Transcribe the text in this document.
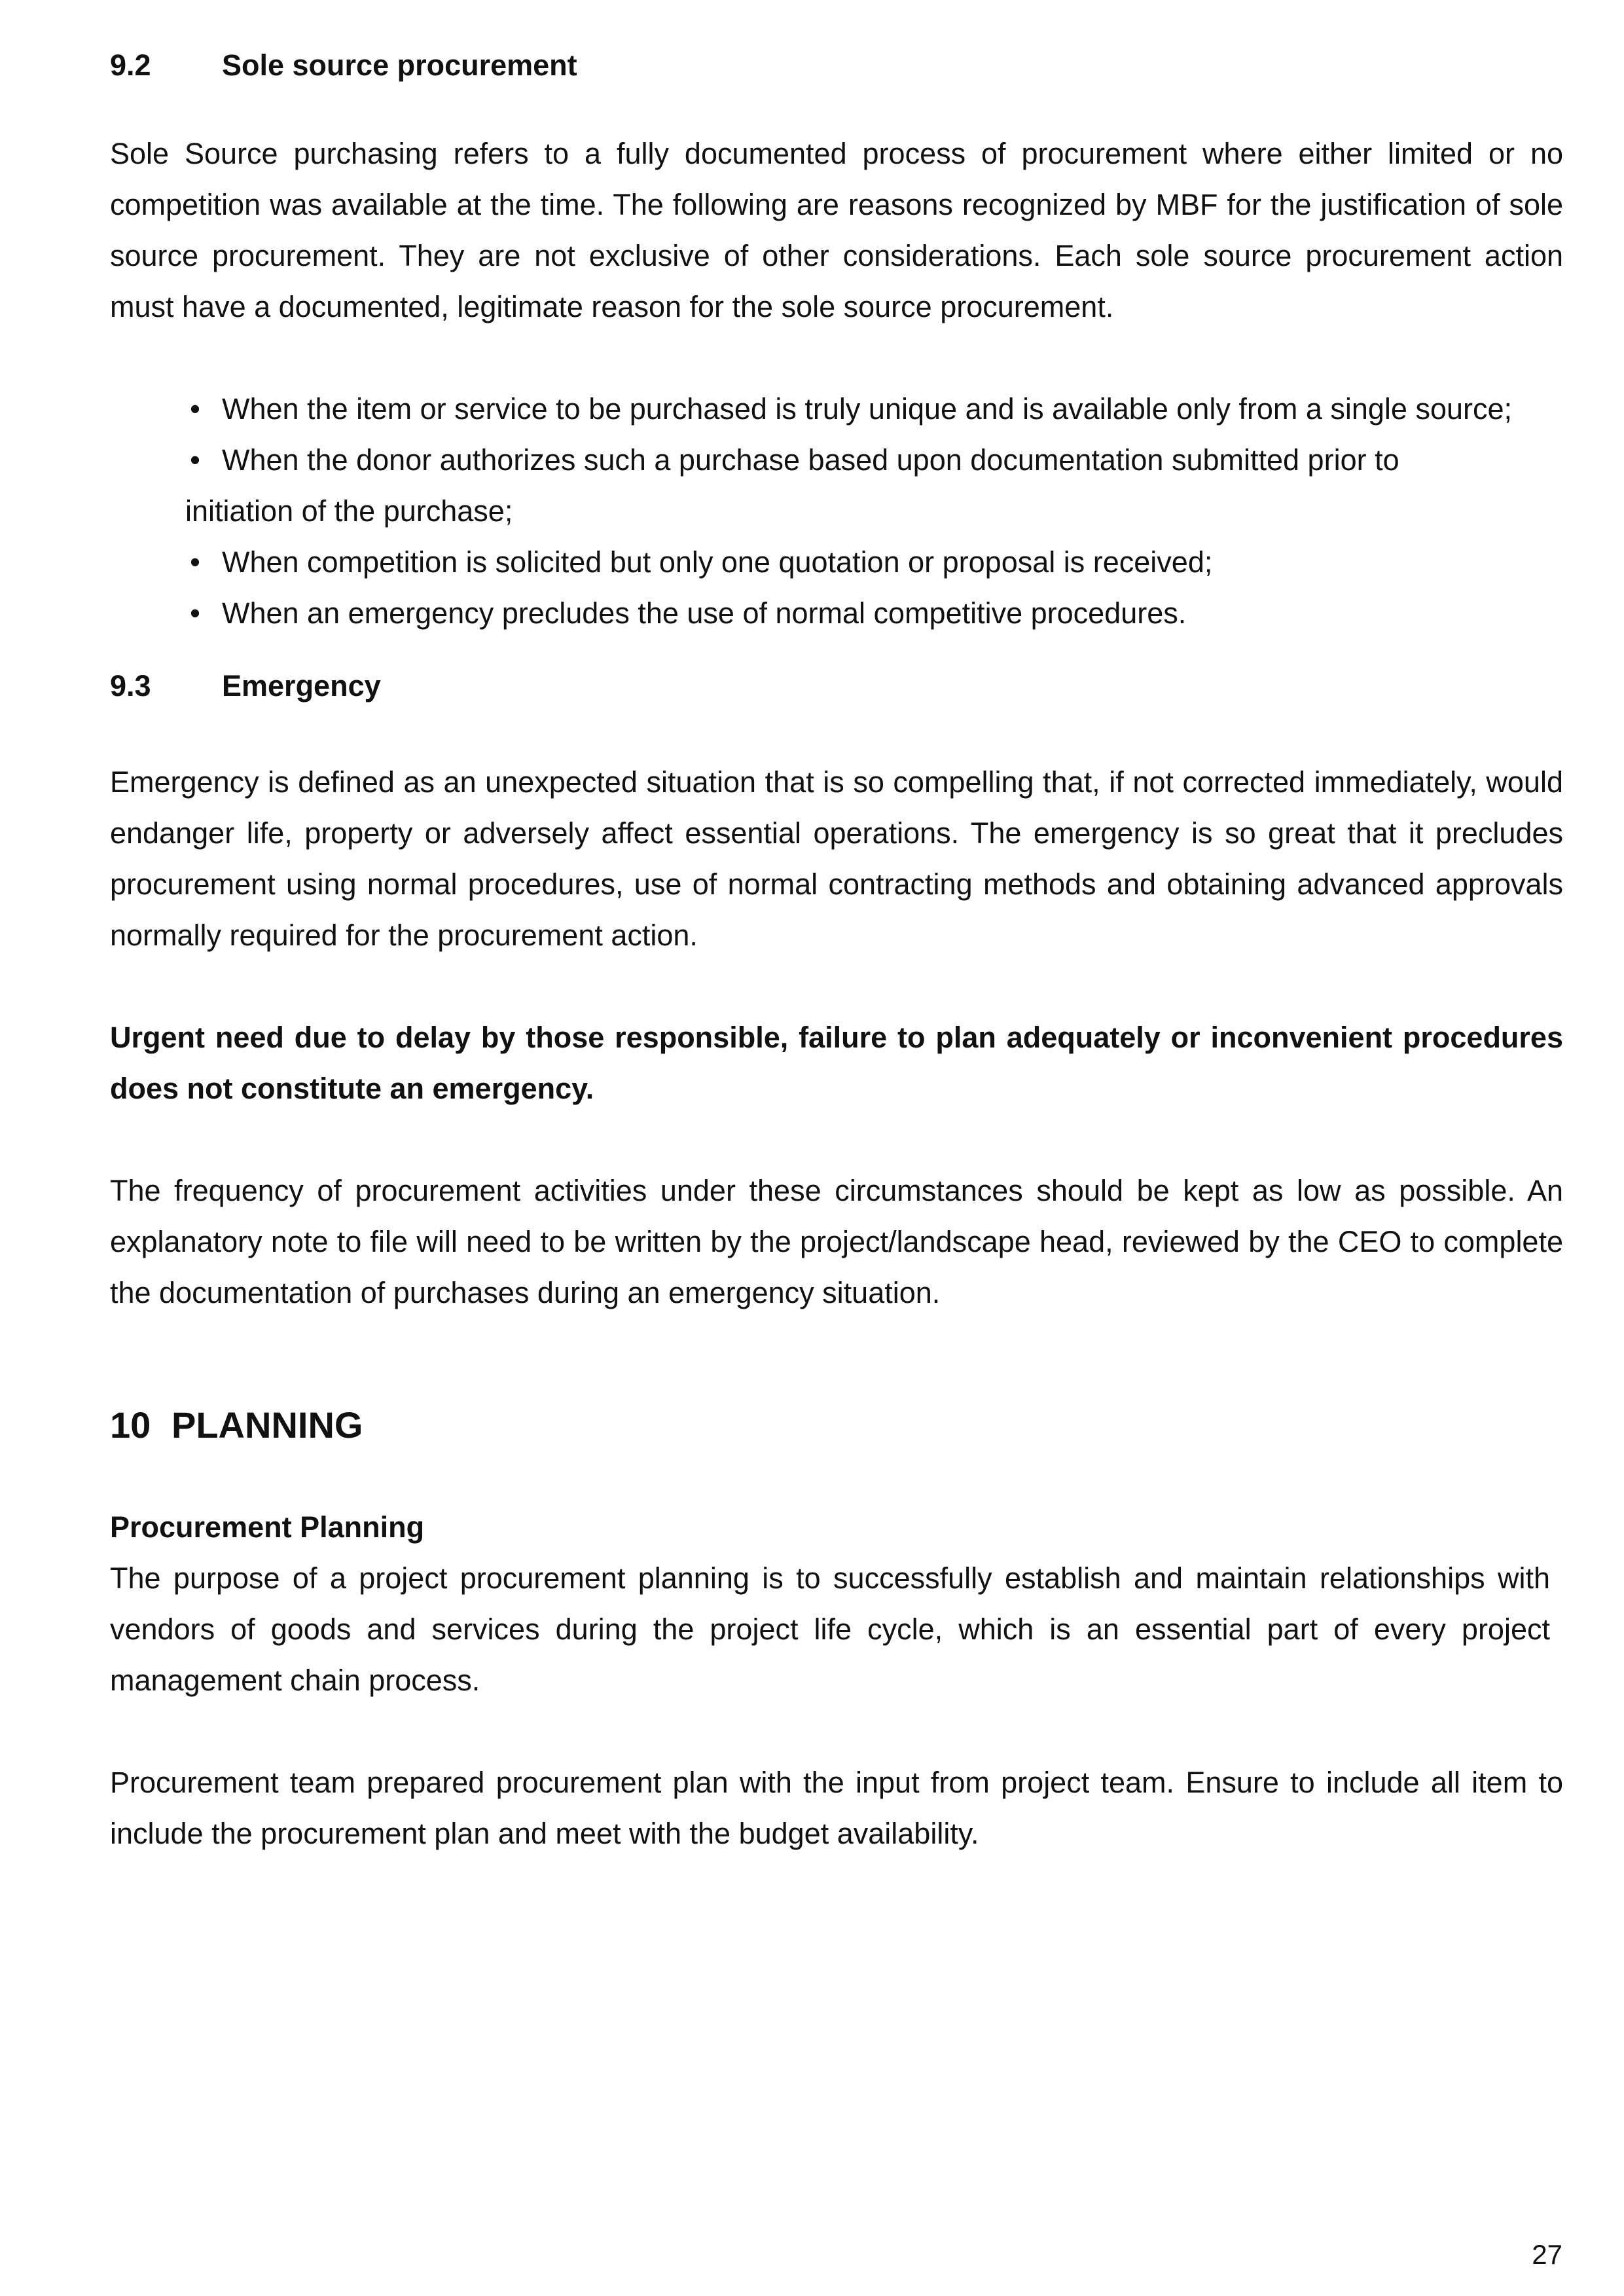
9.2	Sole source procurement

Sole Source purchasing refers to a fully documented process of procurement where either limited or no competition was available at the time. The following are reasons recognized by MBF for the justification of sole source procurement. They are not exclusive of other considerations. Each sole source procurement action must have a documented, legitimate reason for the sole source procurement.

• When the item or service to be purchased is truly unique and is available only from a single source;
• When the donor authorizes such a purchase based upon documentation submitted prior to
initiation of the purchase;
• When competition is solicited but only one quotation or proposal is received;
• When an emergency precludes the use of normal competitive procedures.
9.3	Emergency

Emergency is defined as an unexpected situation that is so compelling that, if not corrected immediately, would endanger life, property or adversely affect essential operations. The emergency is so great that it precludes procurement using normal procedures, use of normal contracting methods and obtaining advanced approvals normally required for the procurement action.

Urgent need due to delay by those responsible, failure to plan adequately or inconvenient procedures does not constitute an emergency.

The frequency of procurement activities under these circumstances should be kept as low as possible. An explanatory note to file will need to be written by the project/landscape head, reviewed by the CEO to complete the documentation of purchases during an emergency situation.

10 PLANNING

Procurement Planning

The purpose of a project procurement planning is to successfully establish and maintain relationships with vendors of goods and services during the project life cycle, which is an essential part of every project management chain process.

Procurement team prepared procurement plan with the input from project team. Ensure to include all item to include the procurement plan and meet with the budget availability.

27
